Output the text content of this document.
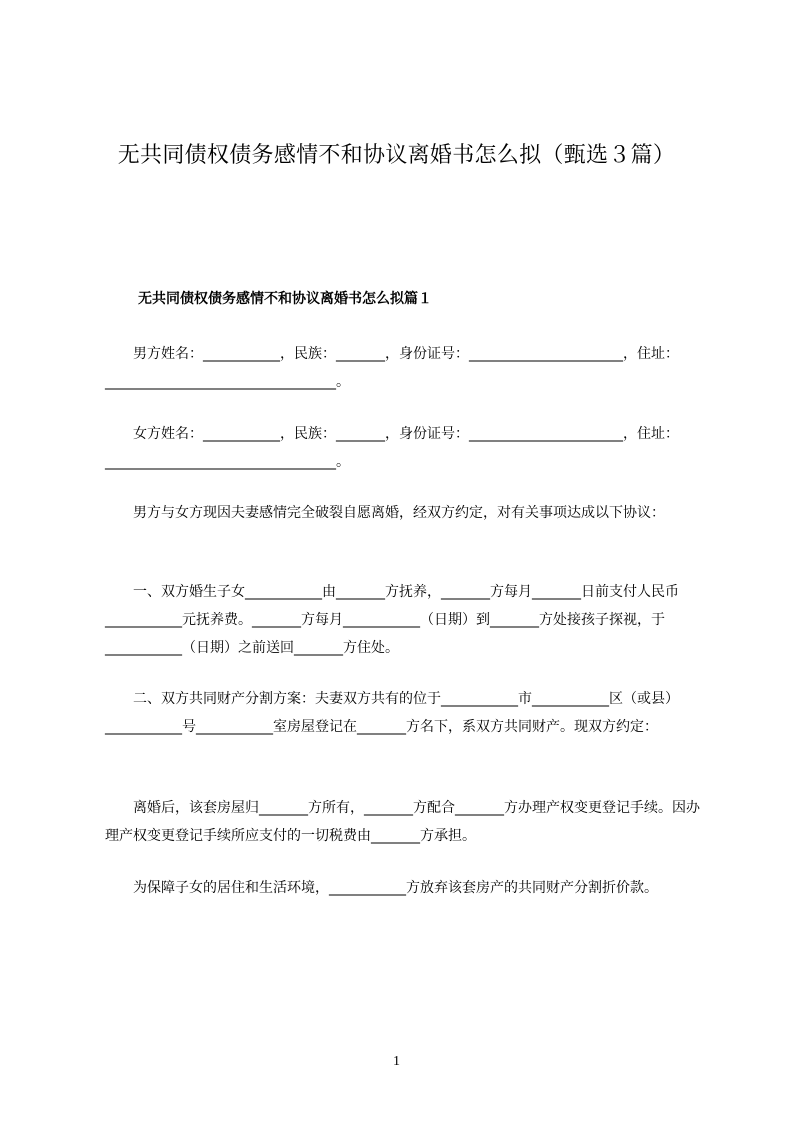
无共同债权债务感情不和协议离婚书怎么拟（甄选３篇）
无共同债权债务感情不和协议离婚书怎么拟篇１
　　男方姓名：___________，民族：_______，身份证号：______________________，住址：_________________________________。
　　女方姓名：___________，民族：_______，身份证号：______________________，住址：_________________________________。
　　男方与女方现因夫妻感情完全破裂自愿离婚，经双方约定，对有关事项达成以下协议：
　　一、双方婚生子女___________由_______方抚养，_______方每月_______日前支付人民币___________元抚养费。_______方每月___________（日期）到_______方处接孩子探视，于___________（日期）之前送回_______方住处。
　　二、双方共同财产分割方案：夫妻双方共有的位于___________市___________区（或县）___________号___________室房屋登记在_______方名下，系双方共同财产。现双方约定：
　　离婚后，该套房屋归_______方所有，_______方配合_______方办理产权变更登记手续。因办理产权变更登记手续所应支付的一切税费由_______方承担。
　　为保障子女的居住和生活环境，___________方放弃该套房产的共同财产分割折价款。
1
